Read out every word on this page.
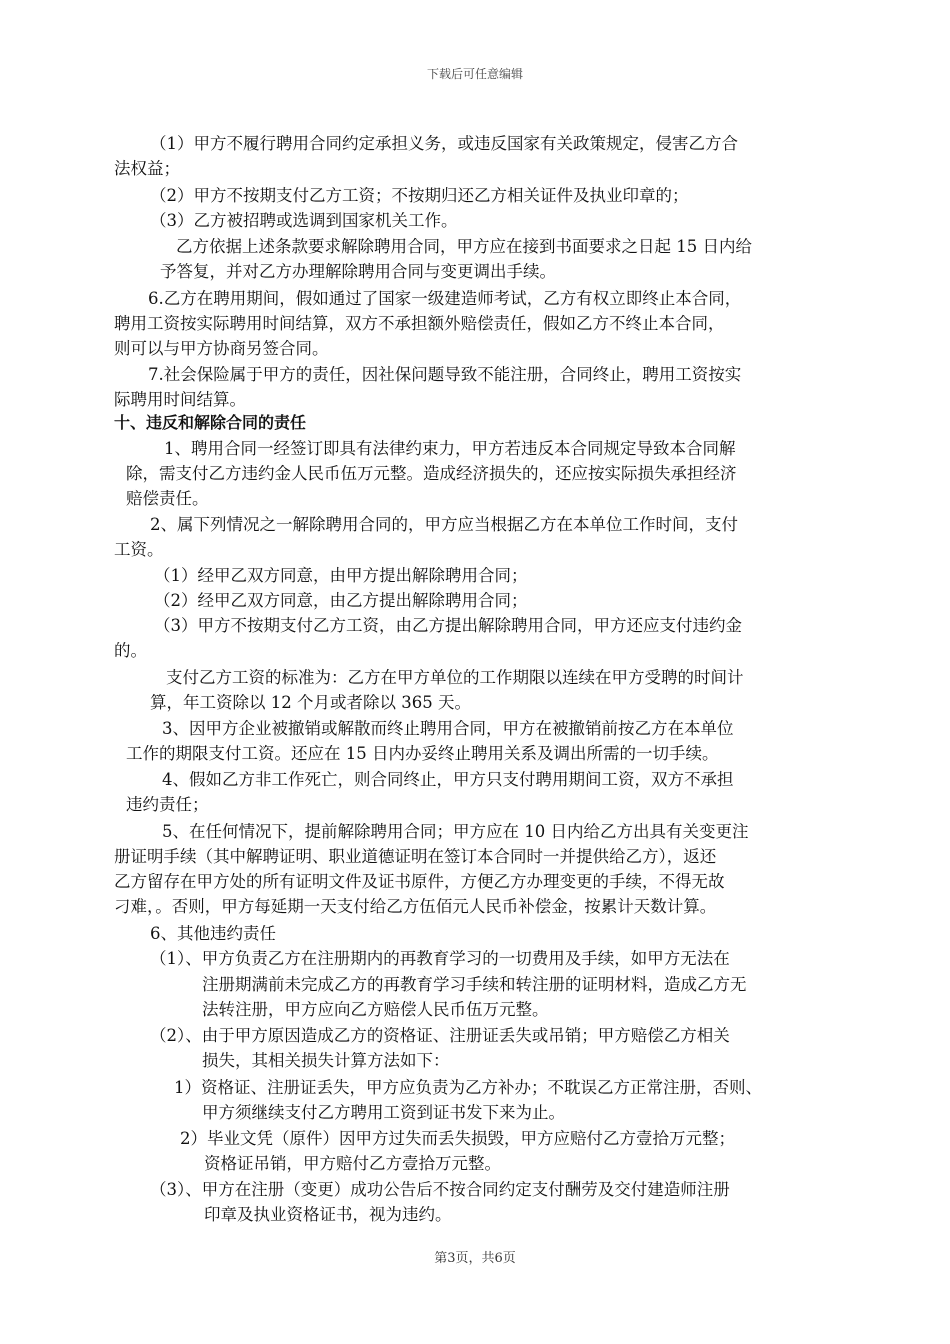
下载后可任意编辑
（1）甲方不履行聘用合同约定承担义务，或违反国家有关政策规定，侵害乙方合
法权益；
（2）甲方不按期支付乙方工资；不按期归还乙方相关证件及执业印章的；
（3）乙方被招聘或选调到国家机关工作。
乙方依据上述条款要求解除聘用合同，甲方应在接到书面要求之日起 15 日内给
予答复，并对乙方办理解除聘用合同与变更调出手续。
6.乙方在聘用期间，假如通过了国家一级建造师考试，乙方有权立即终止本合同，
聘用工资按实际聘用时间结算，双方不承担额外赔偿责任，假如乙方不终止本合同，
则可以与甲方协商另签合同。
7.社会保险属于甲方的责任，因社保问题导致不能注册，合同终止，聘用工资按实
际聘用时间结算。
十、违反和解除合同的责任
1、聘用合同一经签订即具有法律约束力，甲方若违反本合同规定导致本合同解
除，需支付乙方违约金人民币伍万元整。造成经济损失的，还应按实际损失承担经济
赔偿责任。
2、属下列情况之一解除聘用合同的，甲方应当根据乙方在本单位工作时间，支付
工资。
（1）经甲乙双方同意，由甲方提出解除聘用合同；
（2）经甲乙双方同意，由乙方提出解除聘用合同；
（3）甲方不按期支付乙方工资，由乙方提出解除聘用合同，甲方还应支付违约金
的。
支付乙方工资的标准为：乙方在甲方单位的工作期限以连续在甲方受聘的时间计
算，年工资除以 12 个月或者除以 365 天。
3、因甲方企业被撤销或解散而终止聘用合同，甲方在被撤销前按乙方在本单位
工作的期限支付工资。还应在 15 日内办妥终止聘用关系及调出所需的一切手续。
4、假如乙方非工作死亡，则合同终止，甲方只支付聘用期间工资，双方不承担
违约责任；
5、在任何情况下，提前解除聘用合同；甲方应在 10 日内给乙方出具有关变更注
册证明手续（其中解聘证明、职业道德证明在签订本合同时一并提供给乙方），返还
乙方留存在甲方处的所有证明文件及证书原件，方便乙方办理变更的手续，不得无故
刁难，。否则，甲方每延期一天支付给乙方伍佰元人民币补偿金，按累计天数计算。
6、其他违约责任
（1）、甲方负责乙方在注册期内的再教育学习的一切费用及手续，如甲方无法在
注册期满前未完成乙方的再教育学习手续和转注册的证明材料，造成乙方无
法转注册，甲方应向乙方赔偿人民币伍万元整。
（2）、由于甲方原因造成乙方的资格证、注册证丢失或吊销；甲方赔偿乙方相关
损失，其相关损失计算方法如下：
1）资格证、注册证丢失，甲方应负责为乙方补办；不耽误乙方正常注册，否则、
甲方须继续支付乙方聘用工资到证书发下来为止。
2）毕业文凭（原件）因甲方过失而丢失损毁，甲方应赔付乙方壹拾万元整；
资格证吊销，甲方赔付乙方壹拾万元整。
（3）、甲方在注册（变更）成功公告后不按合同约定支付酬劳及交付建造师注册
印章及执业资格证书，视为违约。
第3页，共6页
